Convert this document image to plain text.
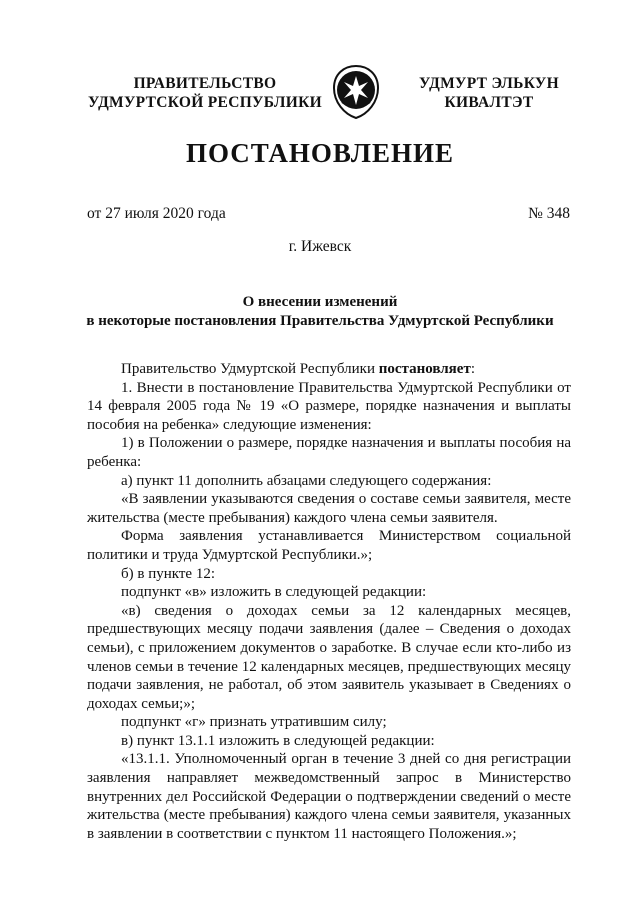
ПРАВИТЕЛЬСТВО
УДМУРТСКОЙ РЕСПУБЛИКИ
УДМУРТ ЭЛЬКУН
КИВАЛТЭТ
ПОСТАНОВЛЕНИЕ
от 27 июля 2020 года	№ 348
г. Ижевск
О внесении изменений
в некоторые постановления Правительства Удмуртской Республики

Правительство Удмуртской Республики постановляет:

1. Внести в постановление Правительства Удмуртской Республики от 14 февраля 2005 года № 19 «О размере, порядке назначения и выплаты пособия на ребенка» следующие изменения:

1) в Положении о размере, порядке назначения и выплаты пособия на ребенка:

а) пункт 11 дополнить абзацами следующего содержания:

«В заявлении указываются сведения о составе семьи заявителя, месте жительства (месте пребывания) каждого члена семьи заявителя.

Форма заявления устанавливается Министерством социальной политики и труда Удмуртской Республики.»;

б) в пункте 12:

подпункт «в» изложить в следующей редакции:

«в) сведения о доходах семьи за 12 календарных месяцев, предшествующих месяцу подачи заявления (далее – Сведения о доходах семьи), с приложением документов о заработке. В случае если кто-либо из членов семьи в течение 12 календарных месяцев, предшествующих месяцу подачи заявления, не работал, об этом заявитель указывает в Сведениях о доходах семьи;»;

подпункт «г» признать утратившим силу;

в) пункт 13.1.1 изложить в следующей редакции:

«13.1.1. Уполномоченный орган в течение 3 дней со дня регистрации заявления направляет межведомственный запрос в Министерство внутренних дел Российской Федерации о подтверждении сведений о месте жительства (месте пребывания) каждого члена семьи заявителя, указанных в заявлении в соответствии с пунктом 11 настоящего Положения.»;
